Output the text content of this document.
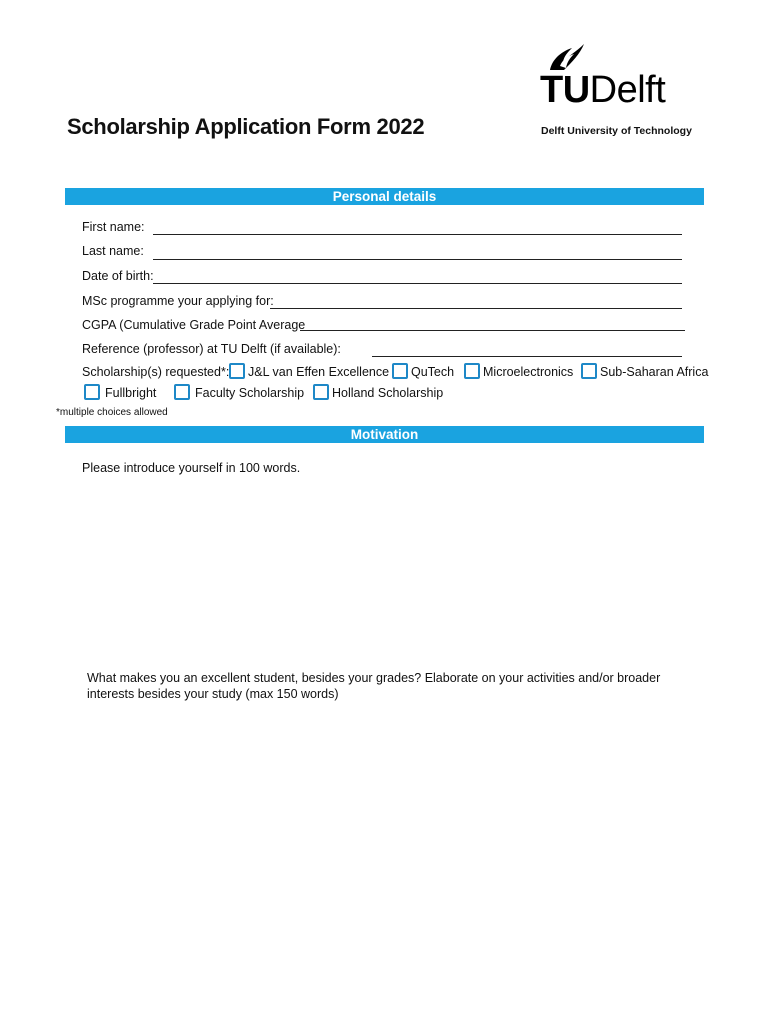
Scholarship Application Form 2022
TUDelft
Delft University of Technology
Personal details
First name:
Last name:
Date of birth:
MSc programme your applying for:
CGPA (Cumulative Grade Point Average
Reference (professor) at TU Delft (if available):
Scholarship(s) requested*: J&L van Effen Excellence QuTech Microelectronics Sub-Saharan Africa
Fullbright	Faculty Scholarship Holland Scholarship
*multiple choices allowed
Motivation
Please introduce yourself in 100 words.
What makes you an excellent student, besides your grades? Elaborate on your activities and/or broader
interests besides your study (max 150 words)
